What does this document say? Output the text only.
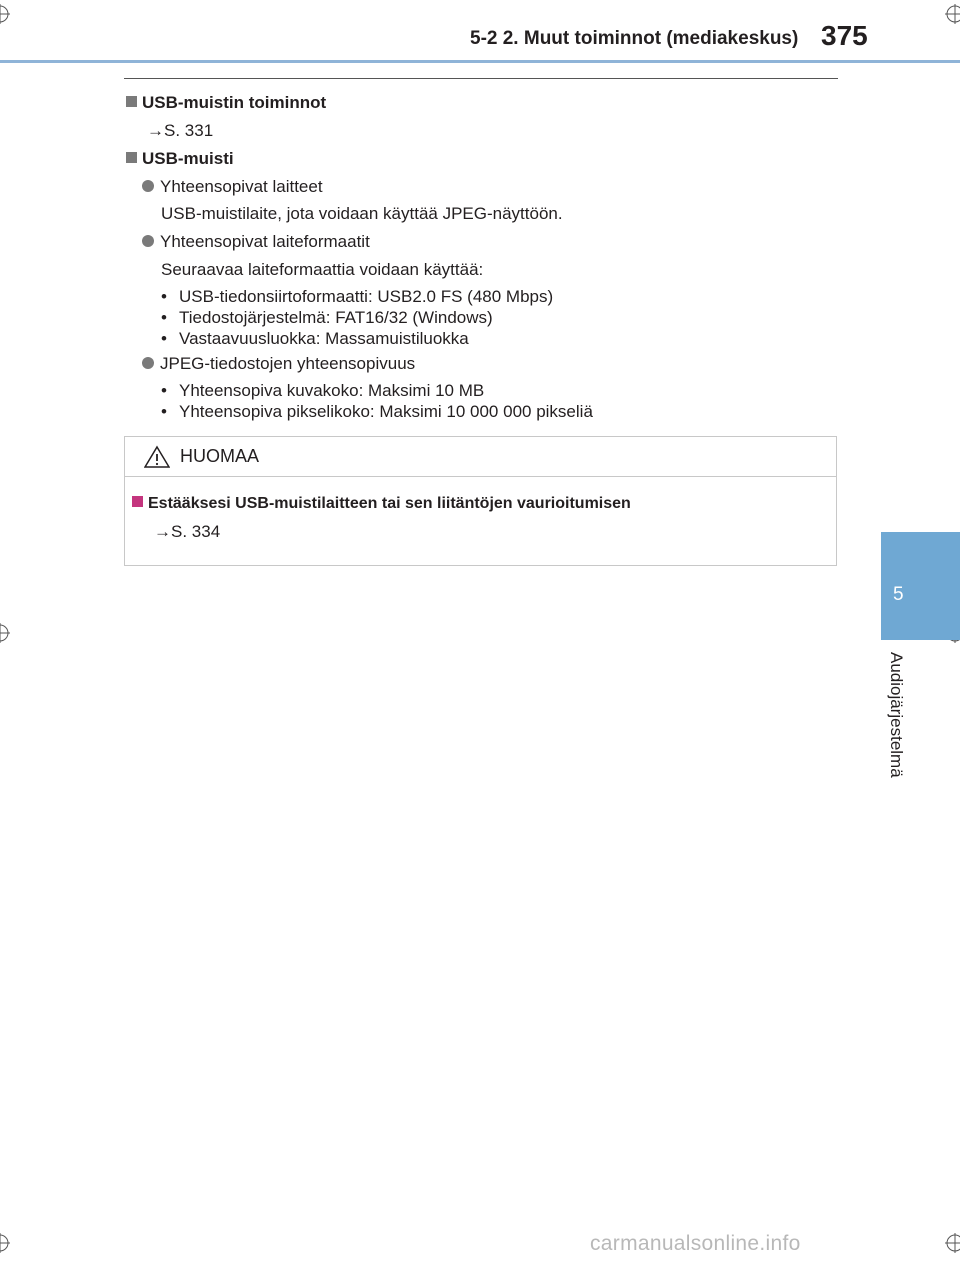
5-2 2. Muut toiminnot (mediakeskus) 375
USB-muistin toiminnot
→S. 331
USB-muisti
Yhteensopivat laitteet
USB-muistilaite, jota voidaan käyttää JPEG-näyttöön.
Yhteensopivat laiteformaatit
Seuraavaa laiteformaattia voidaan käyttää:
• USB-tiedonsiirtoformaatti: USB2.0 FS (480 Mbps)
• Tiedostojärjestelmä: FAT16/32 (Windows)
• Vastaavuusluokka: Massamuistiluokka
JPEG-tiedostojen yhteensopivuus
• Yhteensopiva kuvakoko: Maksimi 10 MB
• Yhteensopiva pikselikoko: Maksimi 10 000 000 pikseliä
HUOMAA
Estääksesi USB-muistilaitteen tai sen liitäntöjen vaurioitumisen
→S. 334
5
Audiojärjestelmä
carmanualsonline.info
